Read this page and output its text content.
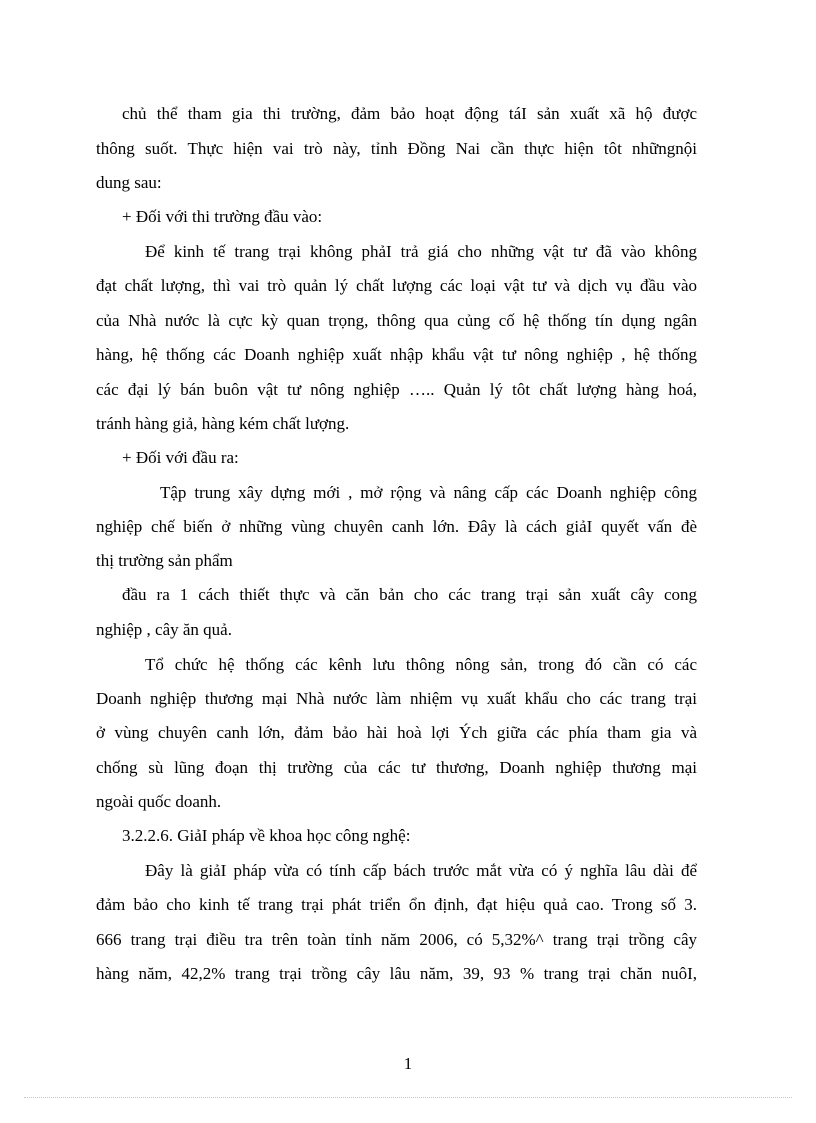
chủ thể tham gia thi trường, đảm bảo hoạt động táI sản xuất xã hộ được
thông suốt. Thực hiện vai trò này, tỉnh Đồng Nai cần thực hiện tôt nhữngnội
dung sau:
+ Đối với thi trường đầu vào:
Để kinh tế trang trại không phảI trả giá cho những vật tư đã vào không
đạt chất lượng, thì vai trò quản lý chất lượng các loại vật tư và dịch vụ đầu vào
của Nhà nước là cực kỳ quan trọng, thông qua củng cố hệ thống tín dụng ngân
hàng, hệ thống các Doanh nghiệp xuất nhập khẩu vật tư nông nghiệp , hệ thống
các đại lý bán buôn vật tư nông nghiệp ….. Quản lý tôt chất lượng hàng hoá,
tránh hàng giả, hàng kém chất lượng.
+ Đối với đầu ra:
Tập trung xây dựng mới , mở rộng và nâng cấp các Doanh nghiệp công
nghiệp chế biến ở những vùng chuyên canh lớn. Đây là cách giảI quyết vấn đè
thị trường sản phẩm
đầu ra 1 cách thiết thực và căn bản cho các trang trại sản xuất cây cong
nghiệp , cây ăn quả.
Tổ chức hệ thống các kênh lưu thông nông sản, trong đó cần có các
Doanh nghiệp thương mại Nhà nước làm nhiệm vụ xuất khẩu cho các trang trại
ở vùng chuyên canh lớn, đảm bảo hài hoà lợi Ých giữa các phía tham gia và
chống sù lũng đoạn thị trường của các tư thương, Doanh nghiệp thương mại
ngoài quốc doanh.
3.2.2.6. GiảI pháp về khoa học công nghệ:
Đây là giảI pháp vừa có tính cấp bách trước mắt vừa có ý nghĩa lâu dài để
đảm bảo cho kinh tế trang trại phát triển ổn định, đạt hiệu quả cao. Trong số 3.
666 trang trại điều tra trên toàn tỉnh năm 2006, có 5,32%^ trang trại trồng cây
hàng năm, 42,2% trang trại trồng cây lâu năm, 39, 93 % trang trại chăn nuôI,
1
